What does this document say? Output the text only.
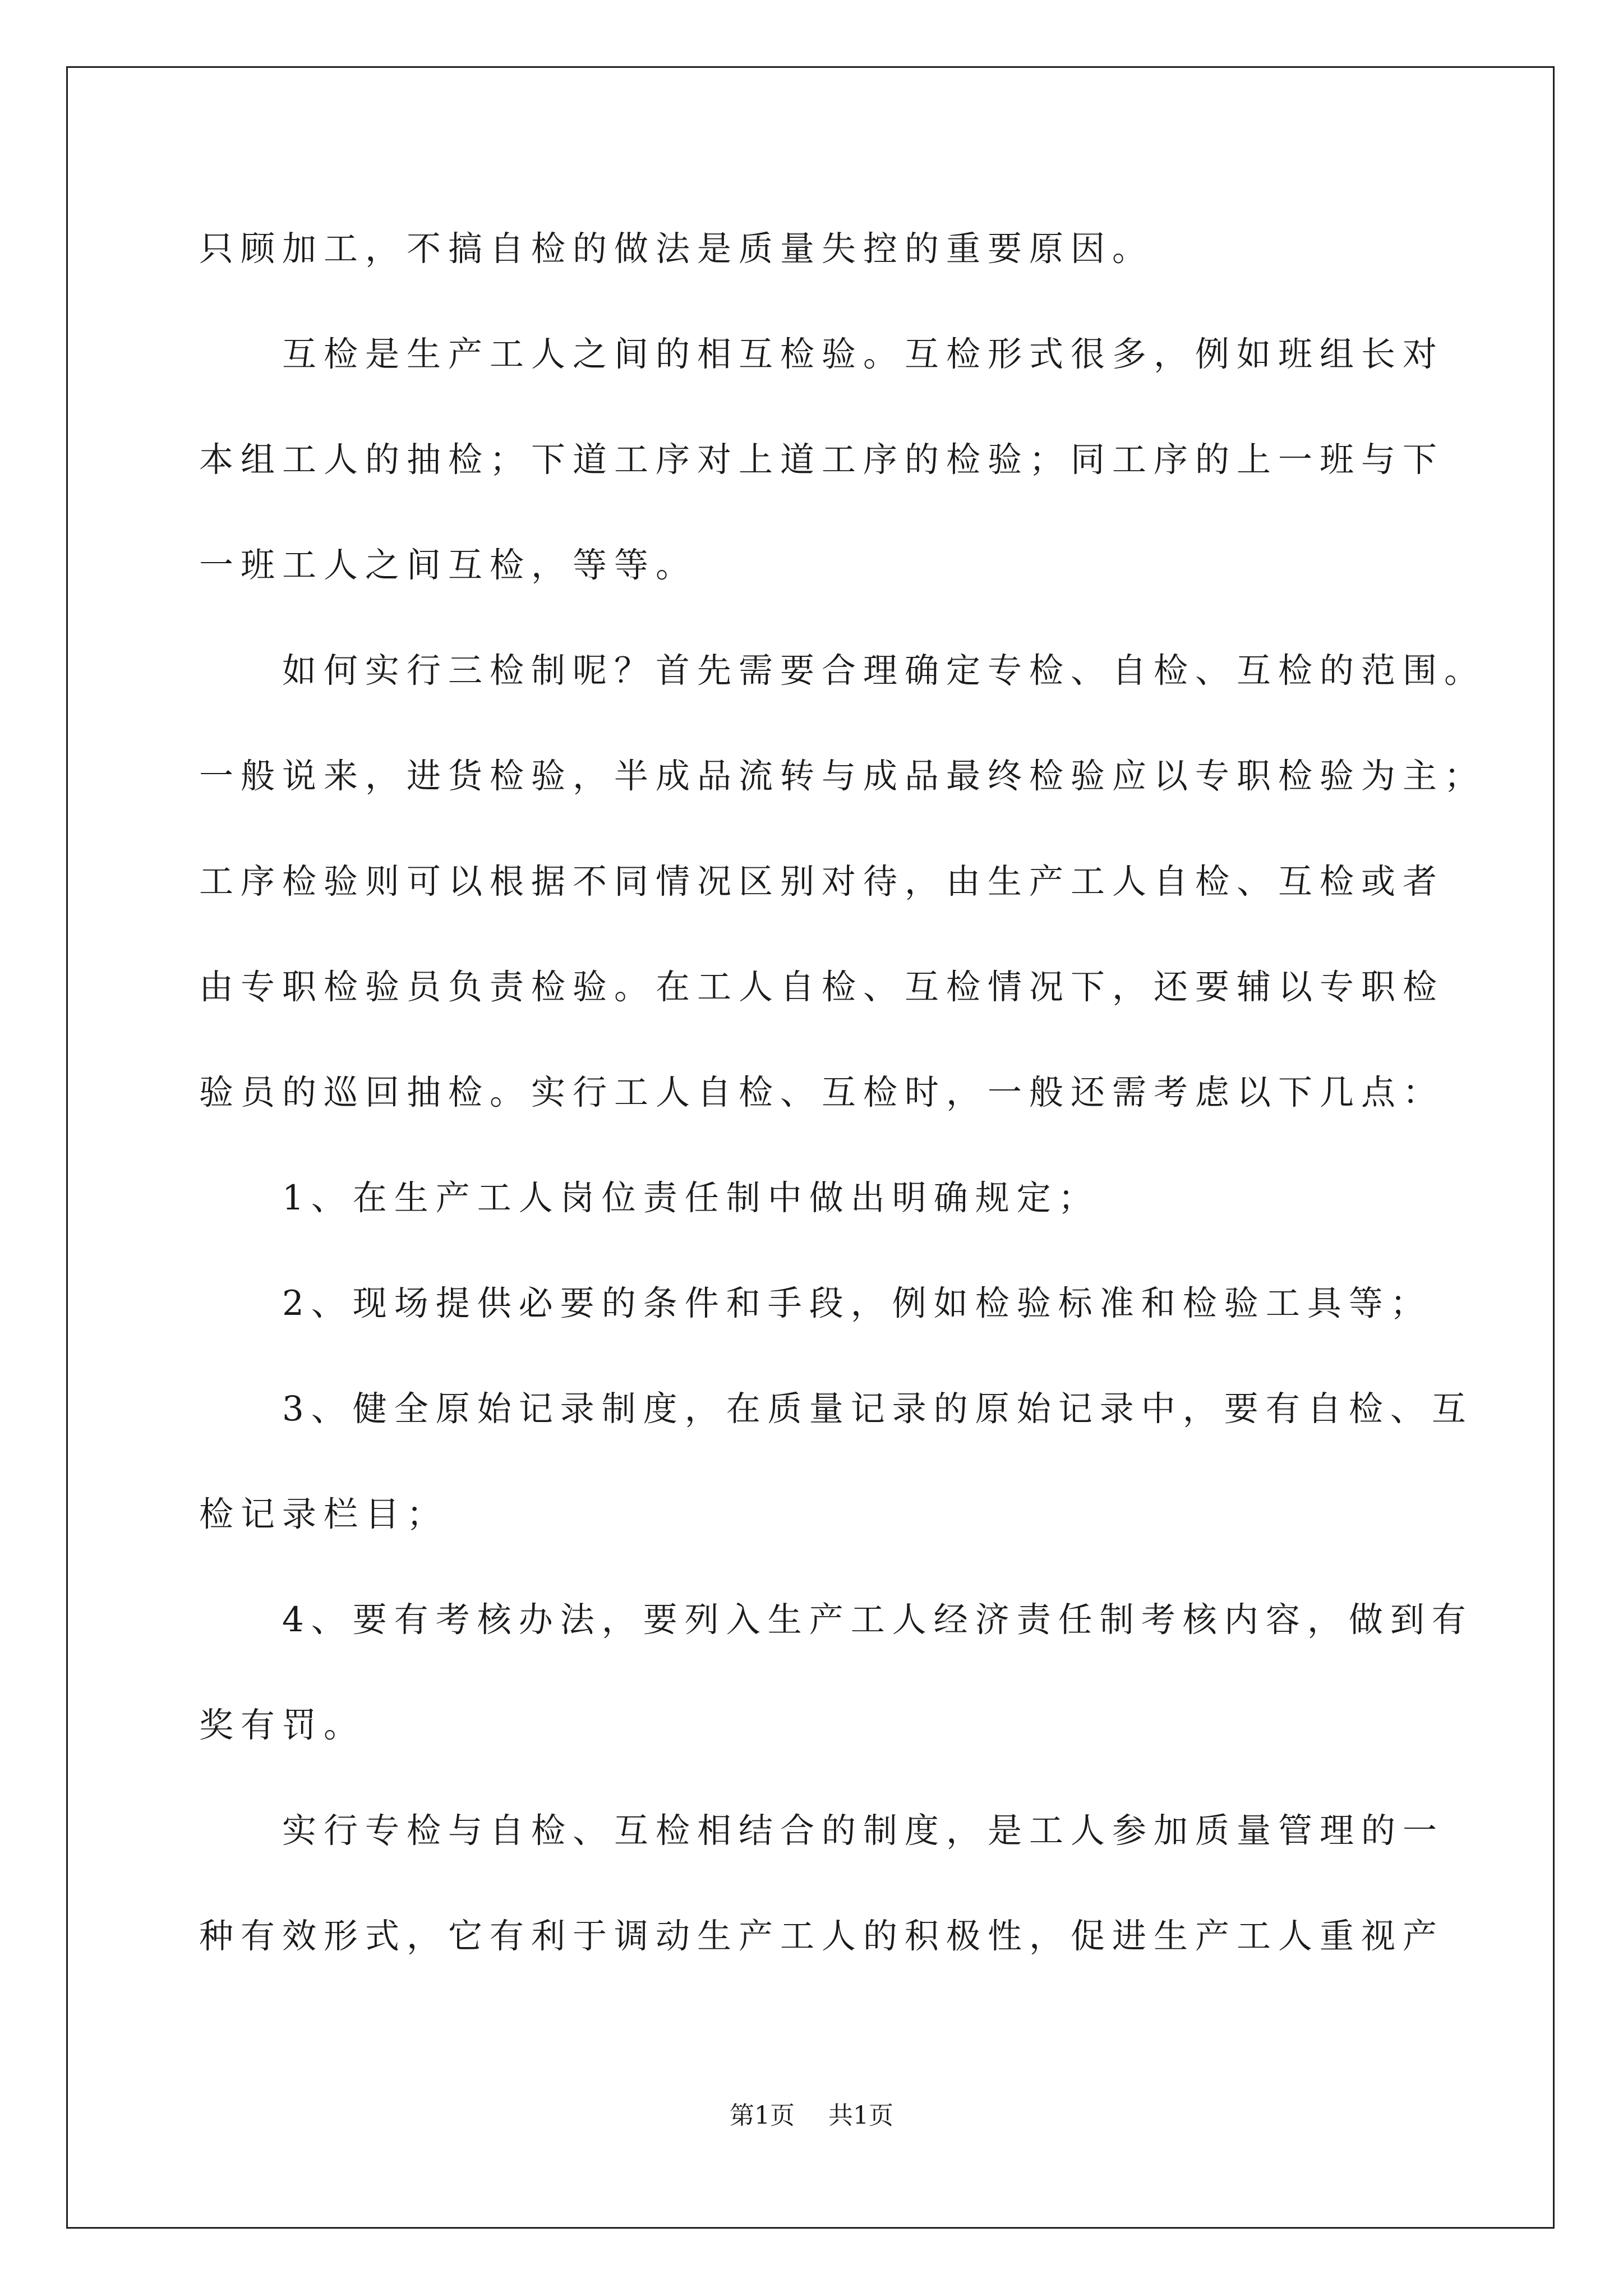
只顾加工，不搞自检的做法是质量失控的重要原因。

互检是生产工人之间的相互检验。互检形式很多，例如班组长对

本组工人的抽检；下道工序对上道工序的检验；同工序的上一班与下

一班工人之间互检，等等。

如何实行三检制呢？首先需要合理确定专检、自检、互检的范围。

一般说来，进货检验，半成品流转与成品最终检验应以专职检验为主；

工序检验则可以根据不同情况区别对待，由生产工人自检、互检或者

由专职检验员负责检验。在工人自检、互检情况下，还要辅以专职检

验员的巡回抽检。实行工人自检、互检时，一般还需考虑以下几点：

1、在生产工人岗位责任制中做出明确规定；

2、现场提供必要的条件和手段，例如检验标准和检验工具等；

3、健全原始记录制度，在质量记录的原始记录中，要有自检、互

检记录栏目；

4、要有考核办法，要列入生产工人经济责任制考核内容，做到有

奖有罚。

实行专检与自检、互检相结合的制度，是工人参加质量管理的一

种有效形式，它有利于调动生产工人的积极性，促进生产工人重视产

第1页 共1页
